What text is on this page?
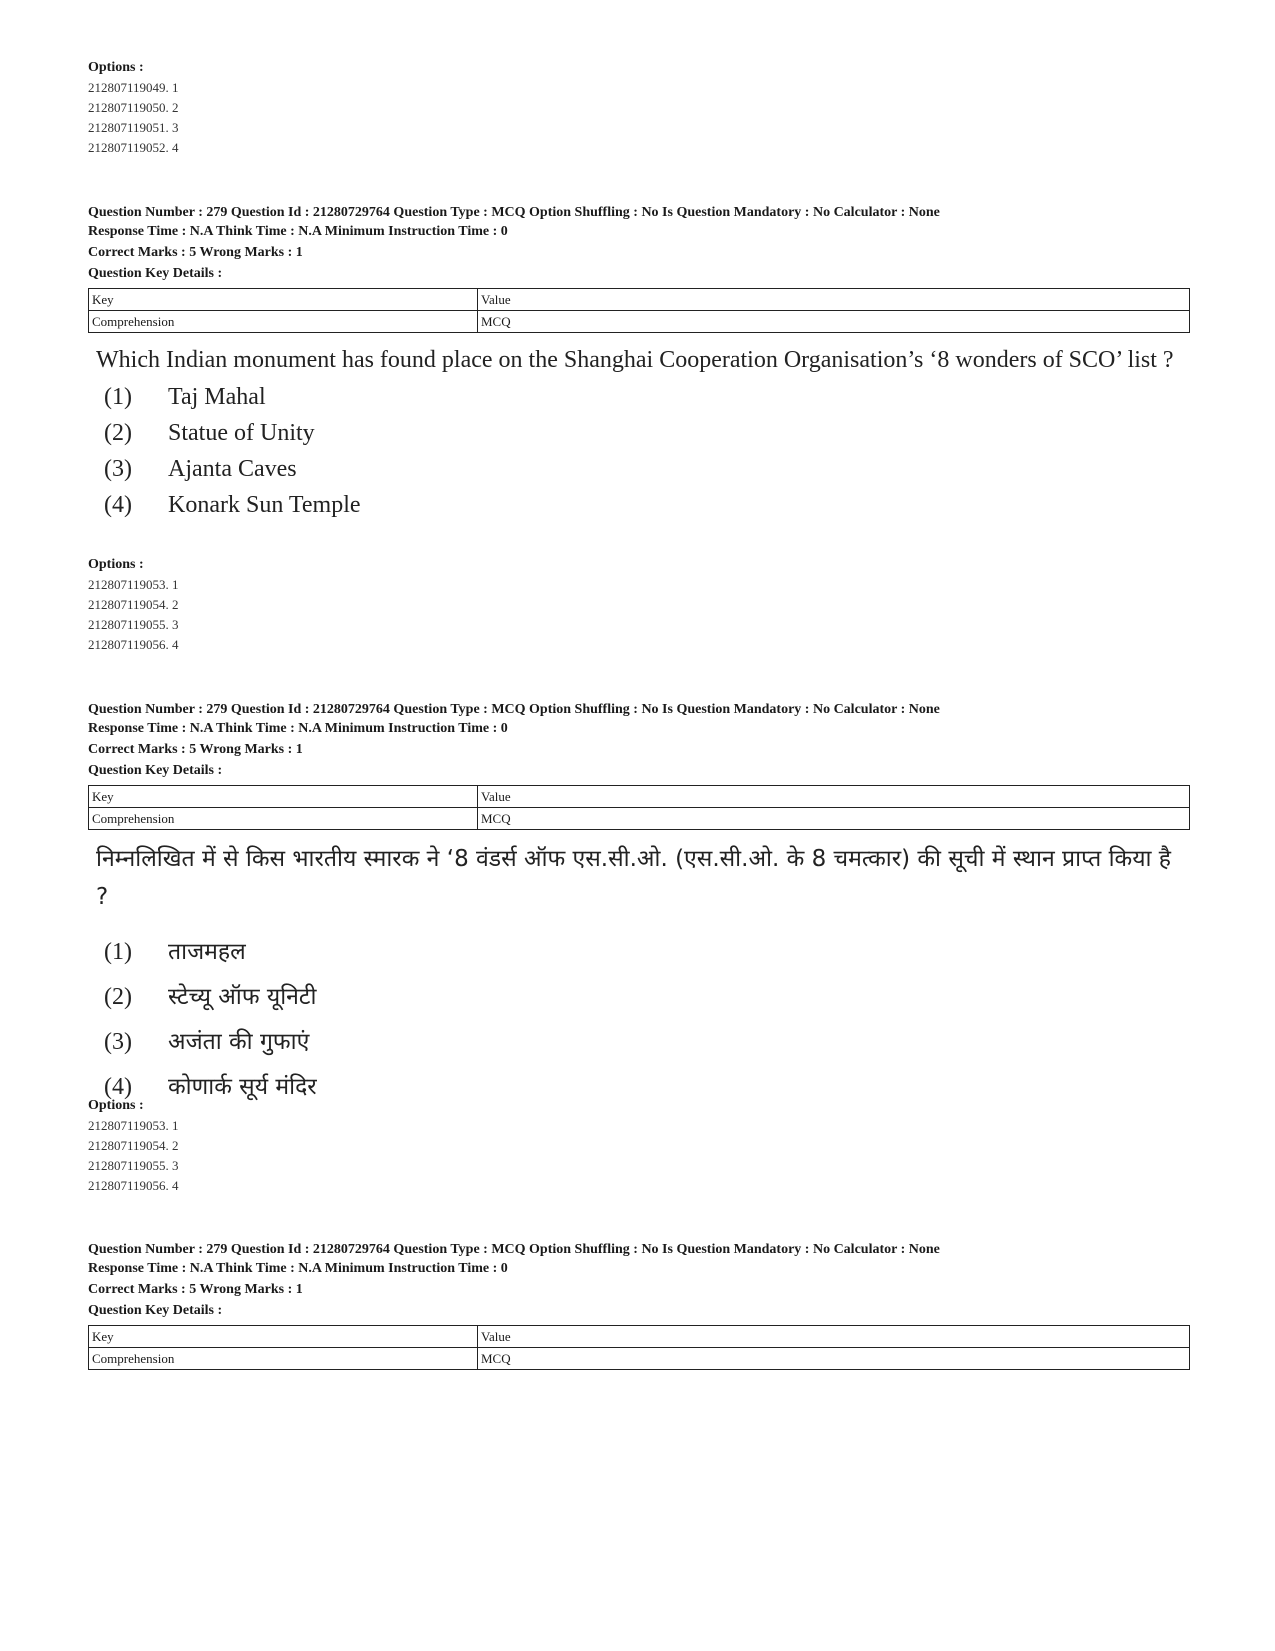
Options :
212807119049. 1
212807119050. 2
212807119051. 3
212807119052. 4
Question Number : 279 Question Id : 21280729764 Question Type : MCQ Option Shuffling : No Is Question Mandatory : No Calculator : None
Response Time : N.A Think Time : N.A Minimum Instruction Time : 0
Correct Marks : 5 Wrong Marks : 1
Question Key Details :
Key	Value
Comprehension	MCQ
Which Indian monument has found place on the Shanghai Cooperation Organisation’s ‘8 wonders of SCO’ list ?
(1)	Taj Mahal
(2)	Statue of Unity
(3)	Ajanta Caves
(4)	Konark Sun Temple
Options :
212807119053. 1
212807119054. 2
212807119055. 3
212807119056. 4
Question Number : 279 Question Id : 21280729764 Question Type : MCQ Option Shuffling : No Is Question Mandatory : No Calculator : None
Response Time : N.A Think Time : N.A Minimum Instruction Time : 0
Correct Marks : 5 Wrong Marks : 1
Question Key Details :
Key	Value
Comprehension	MCQ
निम्नलिखित में से किस भारतीय स्मारक ने ‘8 वंडर्स ऑफ एस.सी.ओ. (एस.सी.ओ. के 8 चमत्कार) की सूची में स्थान प्राप्त किया है ?
(1)	ताजमहल
(2)	स्टेच्यू ऑफ यूनिटी
(3)	अजंता की गुफाएं
(4)	कोणार्क सूर्य मंदिर
Options :
212807119053. 1
212807119054. 2
212807119055. 3
212807119056. 4
Question Number : 279 Question Id : 21280729764 Question Type : MCQ Option Shuffling : No Is Question Mandatory : No Calculator : None
Response Time : N.A Think Time : N.A Minimum Instruction Time : 0
Correct Marks : 5 Wrong Marks : 1
Question Key Details :
Key	Value
Comprehension	MCQ
